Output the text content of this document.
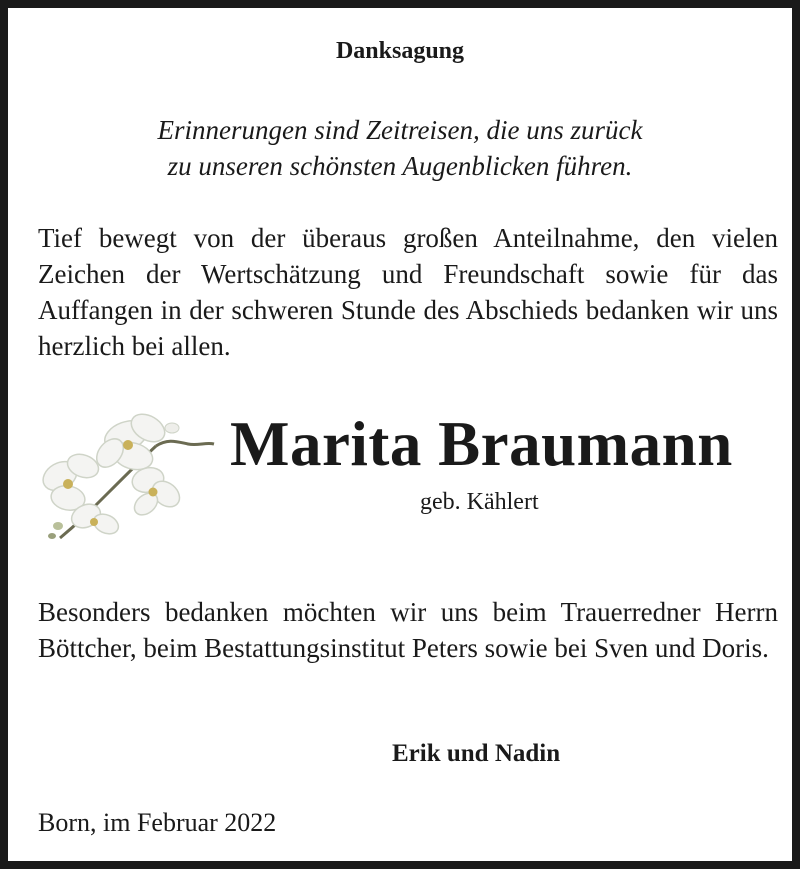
Danksagung
Erinnerungen sind Zeitreisen, die uns zurück
zu unseren schönsten Augenblicken führen.
Tief bewegt von der überaus großen Anteilnahme, den vielen Zeichen der Wertschätzung und Freundschaft sowie für das Auffangen in der schweren Stunde des Abschieds bedanken wir uns herzlich bei allen.
Marita Braumann
geb. Kählert
Besonders bedanken möchten wir uns beim Trauerredner Herrn Böttcher, beim Bestattungsinstitut Peters sowie bei Sven und Doris.
Erik und Nadin
Born, im Februar 2022
